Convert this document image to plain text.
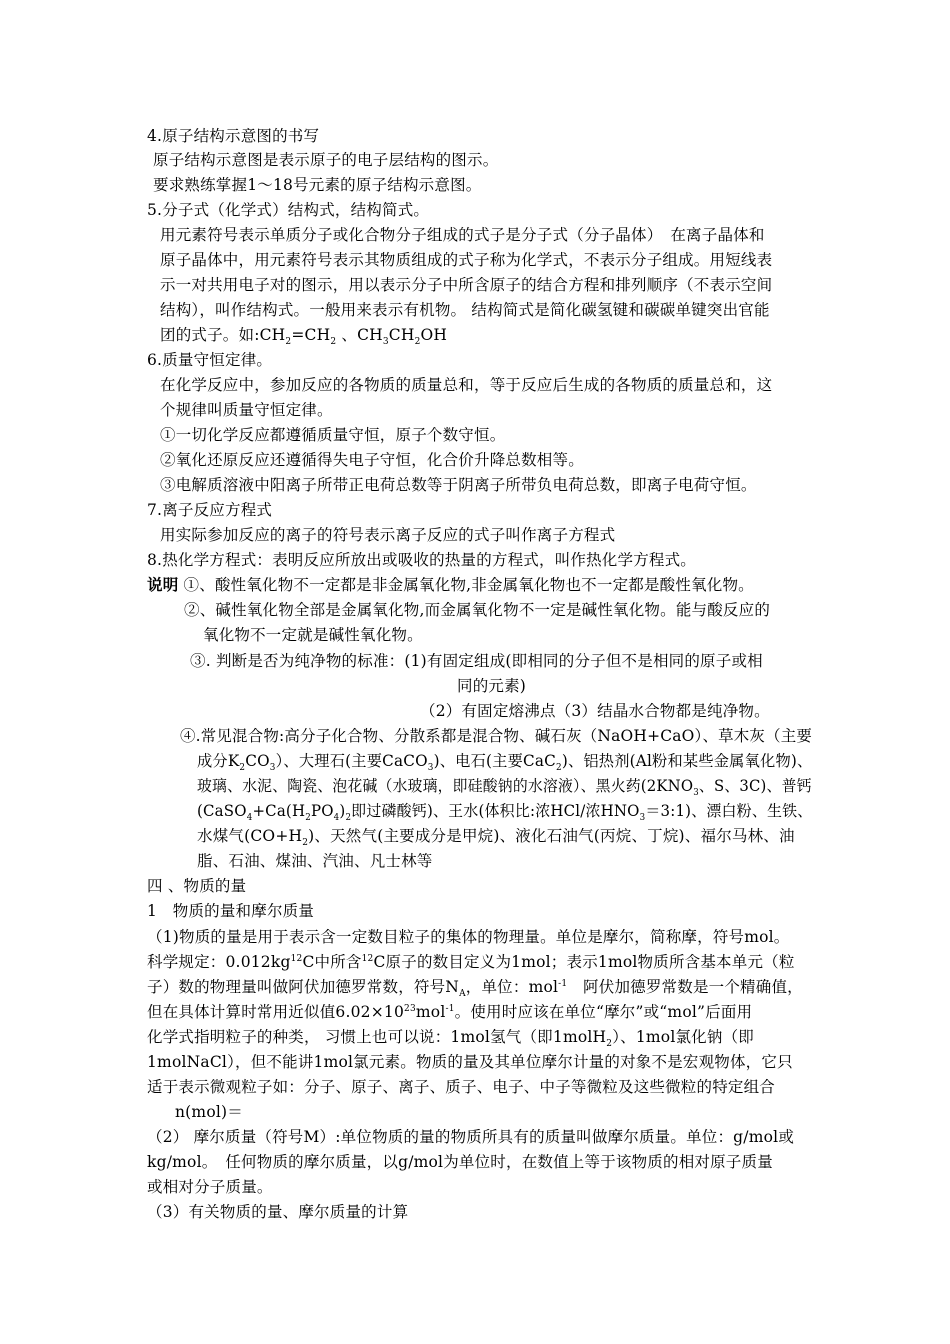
4.原子结构示意图的书写
原子结构示意图是表示原子的电子层结构的图示。
要求熟练掌握1～18号元素的原子结构示意图。
5.分子式（化学式）结构式，结构简式。
用元素符号表示单质分子或化合物分子组成的式子是分子式（分子晶体）　在离子晶体和
原子晶体中，用元素符号表示其物质组成的式子称为化学式，不表示分子组成。用短线表
示一对共用电子对的图示，用以表示分子中所含原子的结合方程和排列顺序（不表示空间
结构），叫作结构式。一般用来表示有机物。 结构简式是简化碳氢键和碳碳单键突出官能
团的式子。如$:CH_2=CH_2$ 、$CH_3CH_2OH$
6.质量守恒定律。
在化学反应中，参加反应的各物质的质量总和，等于反应后生成的各物质的质量总和，这
个规律叫质量守恒定律。
①一切化学反应都遵循质量守恒，原子个数守恒。
②氧化还原反应还遵循得失电子守恒，化合价升降总数相等。
③电解质溶液中阳离子所带正电荷总数等于阴离子所带负电荷总数，即离子电荷守恒。
7.离子反应方程式
用实际参加反应的离子的符号表示离子反应的式子叫作离子方程式
8.热化学方程式：表明反应所放出或吸收的热量的方程式，叫作热化学方程式。
说明 ①、酸性氧化物不一定都是非金属氧化物,非金属氧化物也不一定都是酸性氧化物。
②、碱性氧化物全部是金属氧化物,而金属氧化物不一定是碱性氧化物。能与酸反应的
氧化物不一定就是碱性氧化物。
③. 判断是否为纯净物的标准：(1)有固定组成(即相同的分子但不是相同的原子或相
同的元素)
（2）有固定熔沸点（3）结晶水合物都是纯净物。
④.常见混合物:高分子化合物、分散系都是混合物、碱石灰（NaOH+CaO）、草木灰（主要
成分$K_2CO_3$）、大理石(主要CaCO$_3$)、电石(主要CaC$_2$)、铝热剂(Al粉和某些金属氧化物)、
玻璃、水泥、陶瓷、泡花碱（水玻璃，即硅酸钠的水溶液）、黑火药($2KNO_3$、S、3C)、普钙
($CaSO_4+Ca(H_2PO_4)_2$即过磷酸钙)、王水(体积比:浓HCl/浓$HNO_3=3:1$)、漂白粉、生铁、
水煤气$(CO+H_2)$、天然气(主要成分是甲烷)、液化石油气(丙烷、丁烷)、福尔马林、油
脂、石油、煤油、汽油、凡士林等
四 、物质的量
1　物质的量和摩尔质量
（1)物质的量是用于表示含一定数目粒子的集体的物理量。单位是摩尔，简称摩，符号mol。
科学规定：$0.012kg^{12}C$中所含$^{12}$C原子的数目定义为1mol；表示1mol物质所含基本单元（粒
子）数的物理量叫做阿伏加德罗常数，符号$N_A$，单位：mol$^{-1}$　阿伏加德罗常数是一个精确值，
但在具体计算时常用近似值$6.02\times 10^{23}mol^{-1}$。使用时应该在单位“摩尔”或“mol”后面用
化学式指明粒子的种类， 习惯上也可以说：1mol氢气（即1molH$_2$）、1mol氯化钠（即
1molNaCl），但不能讲1mol氯元素。物质的量及其单位摩尔计量的对象不是宏观物体，它只
适于表示微观粒子如：分子、原子、离子、质子、电子、中子等微粒及这些微粒的特定组合
n(mol)＝
（2） 摩尔质量（符号M）:单位物质的量的物质所具有的质量叫做摩尔质量。单位：g/mol或
kg/mol。　任何物质的摩尔质量，以g/mol为单位时，在数值上等于该物质的相对原子质量
或相对分子质量。
（3）有关物质的量、摩尔质量的计算
